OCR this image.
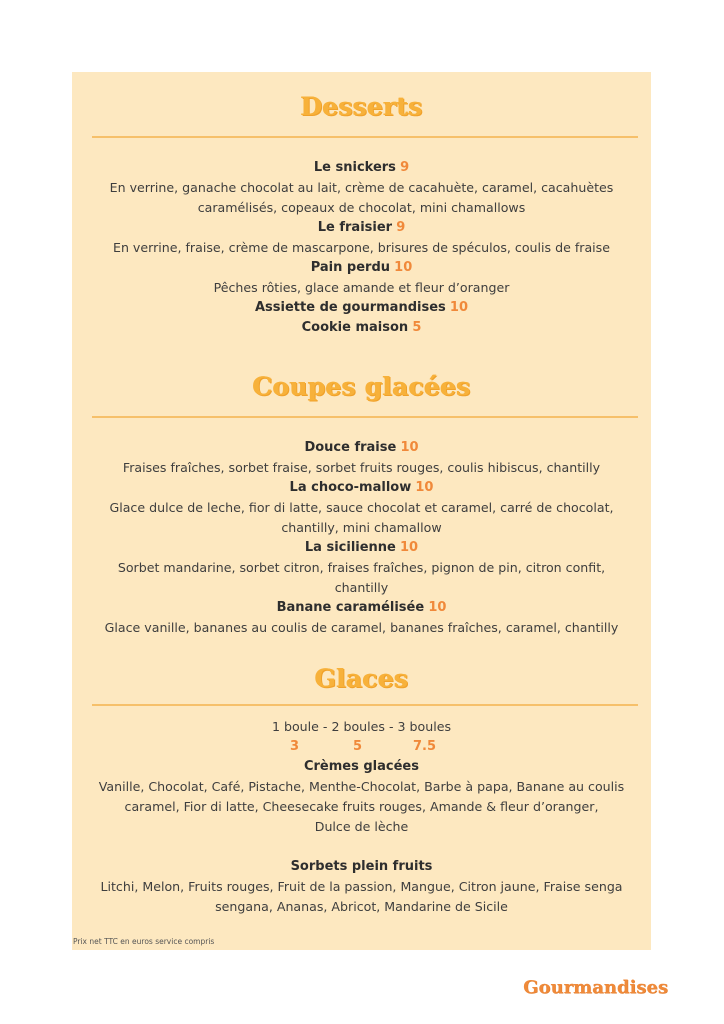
Desserts
Le snickers 9
En verrine, ganache chocolat au lait, crème de cacahuète, caramel, cacahuètes
caramélisés, copeaux de chocolat, mini chamallows
Le fraisier 9
En verrine, fraise, crème de mascarpone, brisures de spéculos, coulis de fraise
Pain perdu 10
Pêches rôties, glace amande et fleur d’oranger
Assiette de gourmandises 10
Cookie maison 5
Coupes glacées
Douce fraise 10
Fraises fraîches, sorbet fraise, sorbet fruits rouges, coulis hibiscus, chantilly
La choco-mallow 10
Glace dulce de leche, fior di latte, sauce chocolat et caramel, carré de chocolat,
chantilly, mini chamallow
La sicilienne 10
Sorbet mandarine, sorbet citron, fraises fraîches, pignon de pin, citron confit,
chantilly
Banane caramélisée 10
Glace vanille, bananes au coulis de caramel, bananes fraîches, caramel, chantilly
Glaces
1 boule - 2 boules - 3 boules
3	5	7.5
Crèmes glacées
Vanille, Chocolat, Café, Pistache, Menthe-Chocolat, Barbe à papa, Banane au coulis
caramel, Fior di latte, Cheesecake fruits rouges, Amande & fleur d’oranger,
Dulce de lèche
Sorbets plein fruits
Litchi, Melon, Fruits rouges, Fruit de la passion, Mangue, Citron jaune, Fraise senga
sengana, Ananas, Abricot, Mandarine de Sicile
Prix net TTC en euros service compris
Gourmandises
